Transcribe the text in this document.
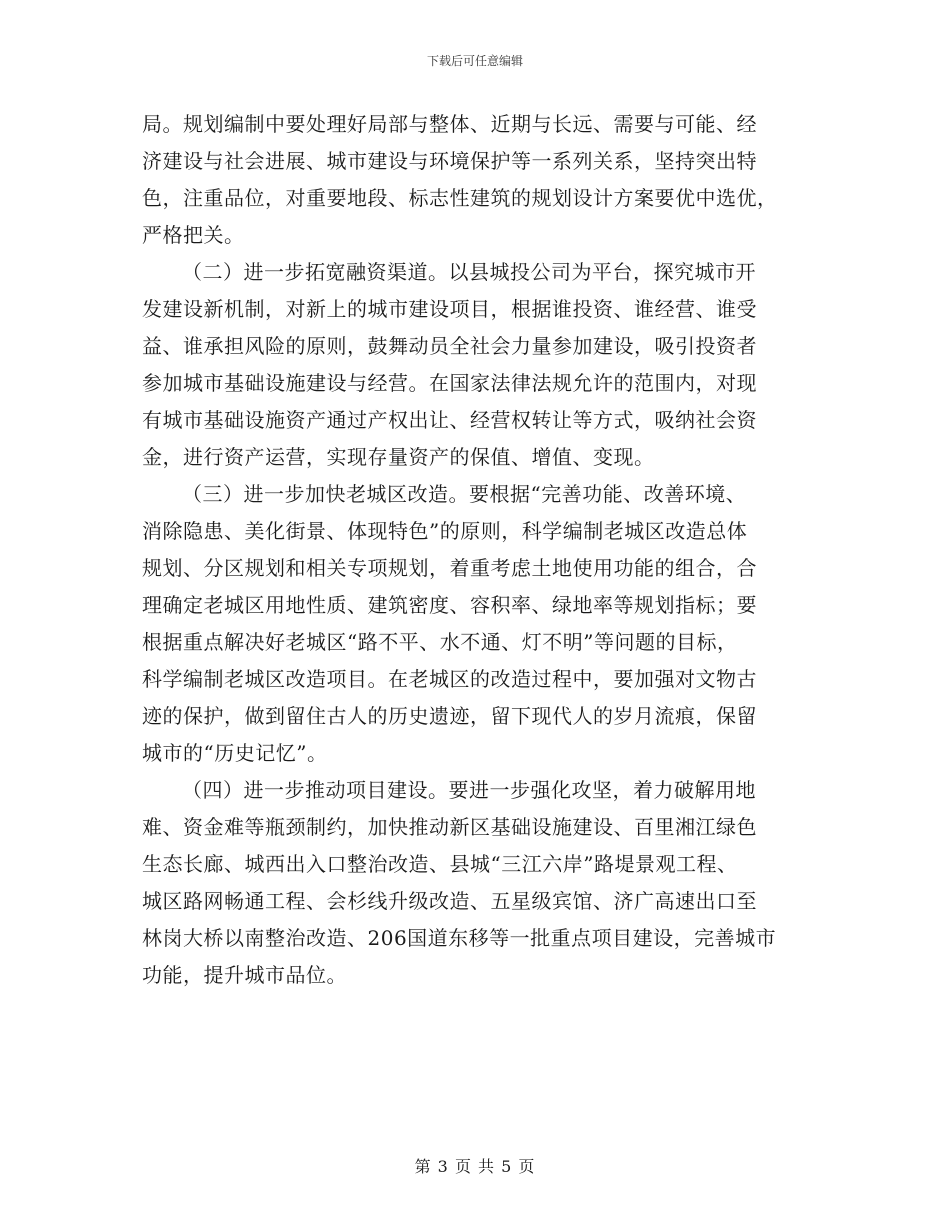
下载后可任意编辑
局。规划编制中要处理好局部与整体、近期与长远、需要与可能、经
济建设与社会进展、城市建设与环境保护等一系列关系，坚持突出特
色，注重品位，对重要地段、标志性建筑的规划设计方案要优中选优，
严格把关。
（二）进一步拓宽融资渠道。以县城投公司为平台，探究城市开
发建设新机制，对新上的城市建设项目，根据谁投资、谁经营、谁受
益、谁承担风险的原则，鼓舞动员全社会力量参加建设，吸引投资者
参加城市基础设施建设与经营。在国家法律法规允许的范围内，对现
有城市基础设施资产通过产权出让、经营权转让等方式，吸纳社会资
金，进行资产运营，实现存量资产的保值、增值、变现。
（三）进一步加快老城区改造。要根据“完善功能、改善环境、
消除隐患、美化街景、体现特色”的原则，科学编制老城区改造总体
规划、分区规划和相关专项规划，着重考虑土地使用功能的组合，合
理确定老城区用地性质、建筑密度、容积率、绿地率等规划指标；要
根据重点解决好老城区“路不平、水不通、灯不明”等问题的目标，
科学编制老城区改造项目。在老城区的改造过程中，要加强对文物古
迹的保护，做到留住古人的历史遗迹，留下现代人的岁月流痕，保留
城市的“历史记忆”。
（四）进一步推动项目建设。要进一步强化攻坚，着力破解用地
难、资金难等瓶颈制约，加快推动新区基础设施建设、百里湘江绿色
生态长廊、城西出入口整治改造、县城“三江六岸”路堤景观工程、
城区路网畅通工程、会杉线升级改造、五星级宾馆、济广高速出口至
林岗大桥以南整治改造、206国道东移等一批重点项目建设，完善城市
功能，提升城市品位。
第 3 页 共 5 页
